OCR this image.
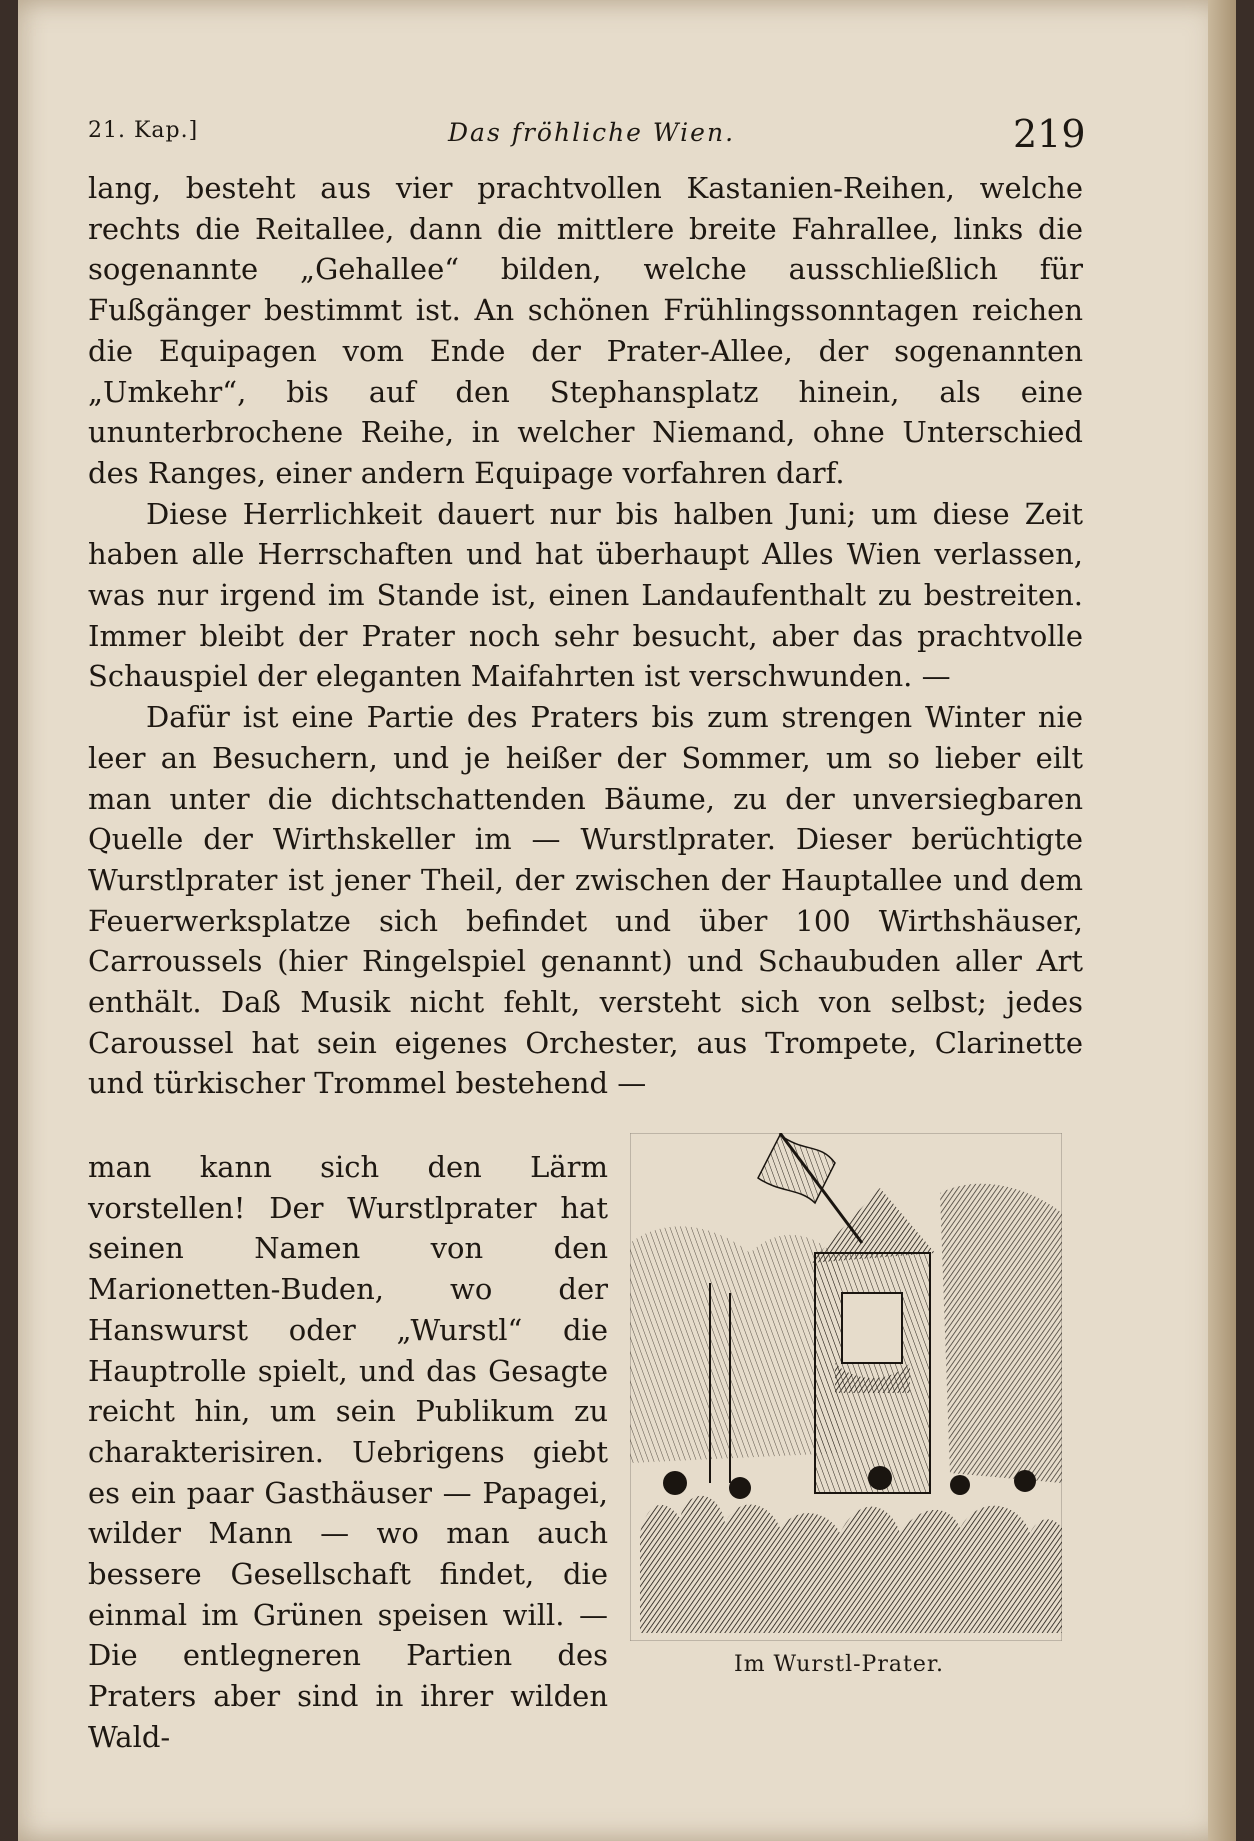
21. Kap.]	Das fröhliche Wien.	219

lang, besteht aus vier prachtvollen Kastanien-Reihen, welche rechts die Reitallee, dann die mittlere breite Fahrallee, links die sogenannte „Gehallee“ bilden, welche ausschließlich für Fußgänger bestimmt ist. An schönen Frühlingssonntagen reichen die Equipagen vom Ende der Prater-Allee, der sogenannten „Umkehr“, bis auf den Stephansplatz hinein, als eine ununterbrochene Reihe, in welcher Niemand, ohne Unterschied des Ranges, einer andern Equipage vorfahren darf.

Diese Herrlichkeit dauert nur bis halben Juni; um diese Zeit haben alle Herrschaften und hat überhaupt Alles Wien verlassen, was nur irgend im Stande ist, einen Landaufenthalt zu bestreiten. Immer bleibt der Prater noch sehr besucht, aber das prachtvolle Schauspiel der eleganten Maifahrten ist verschwunden. —

Dafür ist eine Partie des Praters bis zum strengen Winter nie leer an Besuchern, und je heißer der Sommer, um so lieber eilt man unter die dichtschattenden Bäume, zu der unversiegbaren Quelle der Wirthskeller im — Wurstlprater. Dieser berüchtigte Wurstlprater ist jener Theil, der zwischen der Hauptallee und dem Feuerwerksplatze sich befindet und über 100 Wirthshäuser, Carroussels (hier Ringelspiel genannt) und Schaubuden aller Art enthält. Daß Musik nicht fehlt, versteht sich von selbst; jedes Caroussel hat sein eigenes Orchester, aus Trompete, Clarinette und türkischer Trommel bestehend —

man kann sich den Lärm vorstellen! Der Wurstlprater hat seinen Namen von den Marionetten-Buden, wo der Hanswurst oder „Wurstl“ die Hauptrolle spielt, und das Gesagte reicht hin, um sein Publikum zu charakterisiren. Uebrigens giebt es ein paar Gasthäuser — Papagei, wilder Mann — wo man auch bessere Gesellschaft findet, die einmal im Grünen speisen will. — Die entlegneren Partien des Praters aber sind in ihrer wilden Wald-
Im Wurstl-Prater.
